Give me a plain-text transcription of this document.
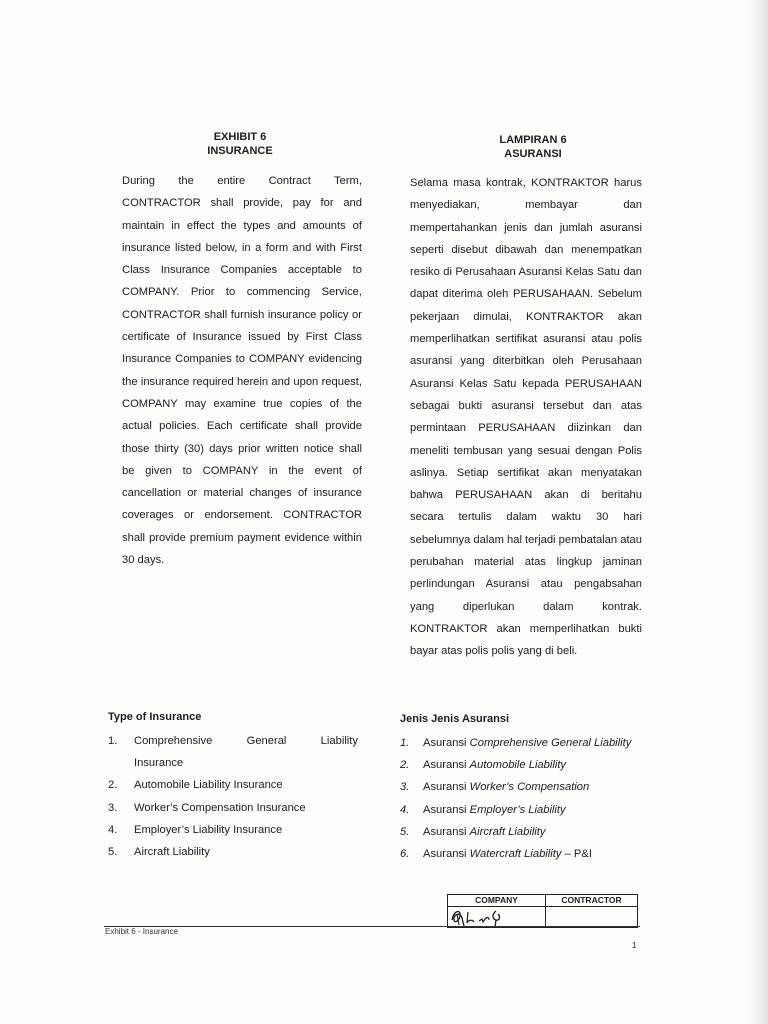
EXHIBIT 6
INSURANCE
LAMPIRAN 6
ASURANSI

During the entire Contract Term, CONTRACTOR shall provide, pay for and maintain in effect the types and amounts of insurance listed below, in a form and with First Class Insurance Companies acceptable to COMPANY. Prior to commencing Service, CONTRACTOR shall furnish insurance policy or certificate of Insurance issued by First Class Insurance Companies to COMPANY evidencing the insurance required herein and upon request, COMPANY may examine true copies of the actual policies. Each certificate shall provide those thirty (30) days prior written notice shall be given to COMPANY in the event of cancellation or material changes of insurance coverages or endorsement. CONTRACTOR shall provide premium payment evidence within 30 days.

Selama masa kontrak, KONTRAKTOR harus menyediakan, membayar dan mempertahankan jenis dan jumlah asuransi seperti disebut dibawah dan menempatkan resiko di Perusahaan Asuransi Kelas Satu dan dapat diterima oleh PERUSAHAAN. Sebelum pekerjaan dimulai, KONTRAKTOR akan memperlihatkan sertifikat asuransi atau polis asuransi yang diterbitkan oleh Perusahaan Asuransi Kelas Satu kepada PERUSAHAAN sebagai bukti asuransi tersebut dan atas permintaan PERUSAHAAN diizinkan dan meneliti tembusan yang sesuai dengan Polis aslinya. Setiap sertifikat akan menyatakan bahwa PERUSAHAAN akan di beritahu secara tertulis dalam waktu 30 hari sebelumnya dalam hal terjadi pembatalan atau perubahan material atas lingkup jaminan perlindungan Asuransi atau pengabsahan yang diperlukan dalam kontrak. KONTRAKTOR akan memperlihatkan bukti bayar atas polis polis yang di beli.

Type of Insurance
1.	Comprehensive General Liability
Insurance
2.	Automobile Liability Insurance
3.	Worker’s Compensation Insurance
4.	Employer’s Liability Insurance
5.	Aircraft Liability
Jenis Jenis Asuransi
1.	Asuransi Comprehensive General Liability
2.	Asuransi Automobile Liability
3.	Asuransi Worker’s Compensation
4.	Asuransi Employer’s Liability
5.	Asuransi Aircraft Liability
6.	Asuransi Watercraft Liability – P&I
COMPANY	CONTRACTOR
Exhibit 6 - Insurance
1
